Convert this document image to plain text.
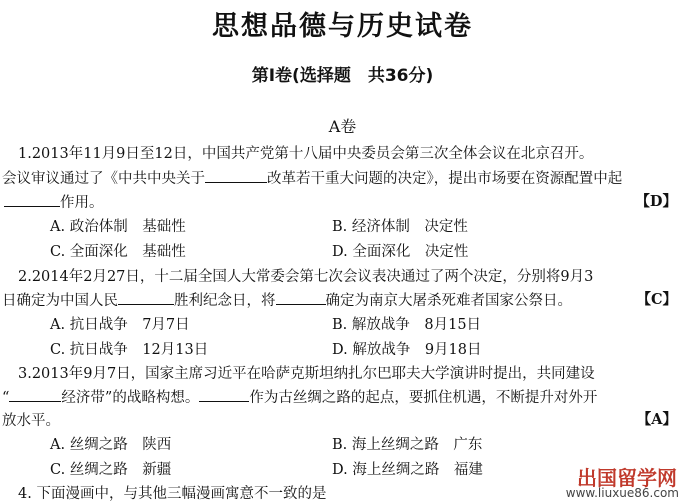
思想品德与历史试卷
第Ⅰ卷(选择题　共36分)
A卷
1.2013年11月9日至12日，中国共产党第十八届中央委员会第三次全体会议在北京召开。
会议审议通过了《中共中央关于	改革若干重大问题的决定》，提出市场要在资源配置中起
作用。	【D】
A. 政治体制　基础性	B. 经济体制　决定性
C. 全面深化　基础性	D. 全面深化　决定性
2.2014年2月27日，十二届全国人大常委会第七次会议表决通过了两个决定，分别将9月3
日确定为中国人民	胜利纪念日，将	确定为南京大屠杀死难者国家公祭日。	【C】
A. 抗日战争　7月7日	B. 解放战争　8月15日
C. 抗日战争　12月13日	D. 解放战争　9月18日
3.2013年9月7日，国家主席习近平在哈萨克斯坦纳扎尔巴耶夫大学演讲时提出，共同建设
“	经济带”的战略构想。	作为古丝绸之路的起点，要抓住机遇，不断提升对外开
放水平。	【A】
A. 丝绸之路　陕西	B. 海上丝绸之路　广东
C. 丝绸之路　新疆	D. 海上丝绸之路　福建
4. 下面漫画中，与其他三幅漫画寓意不一致的是
出国留学网
www.liuxue86.com
